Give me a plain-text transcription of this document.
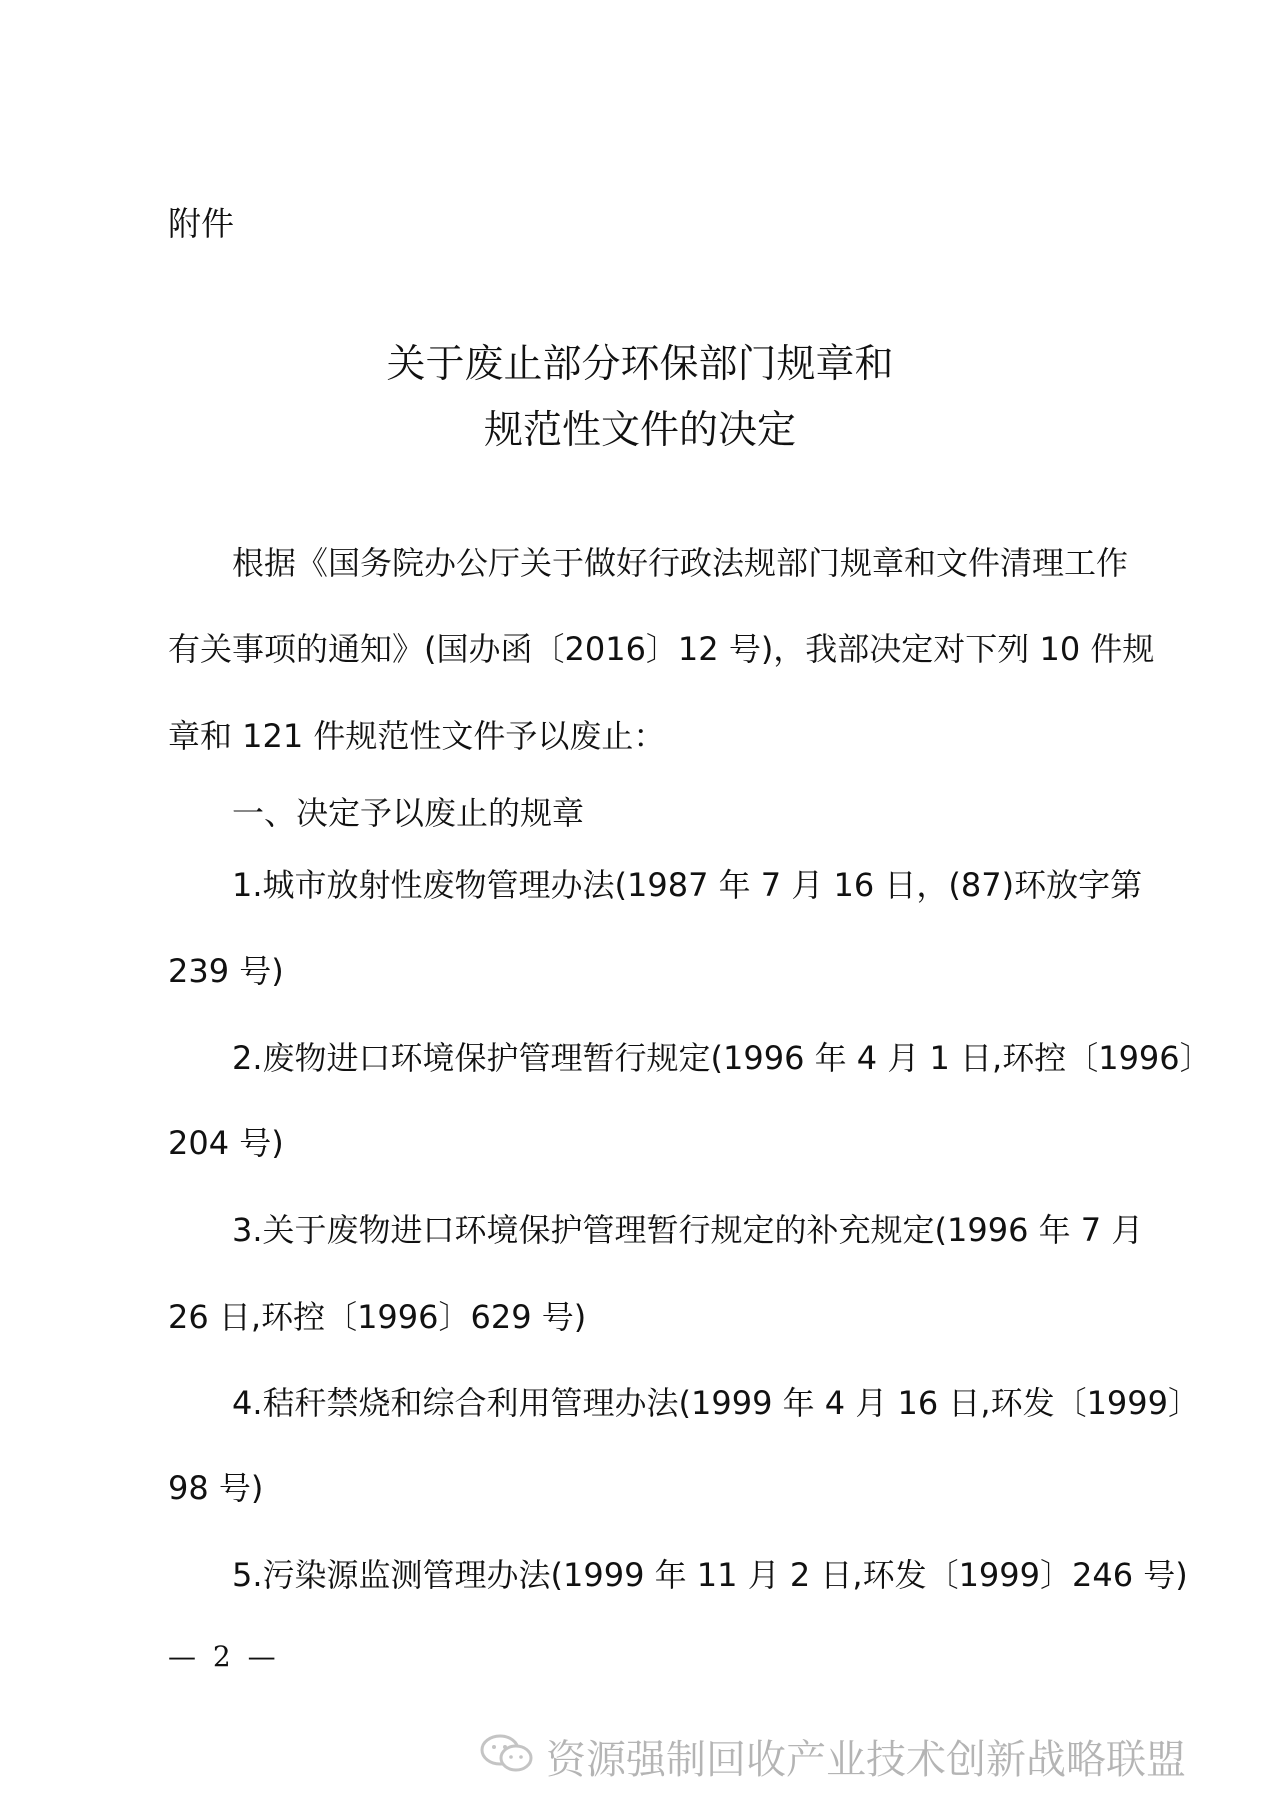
附件
关于废止部分环保部门规章和
规范性文件的决定
根据《国务院办公厅关于做好行政法规部门规章和文件清理工作
有关事项的通知》(国办函〔2016〕12 号)，我部决定对下列 10 件规
章和 121 件规范性文件予以废止：
一、决定予以废止的规章
1.城市放射性废物管理办法(1987 年 7 月 16 日，(87)环放字第
239 号)
2.废物进口环境保护管理暂行规定(1996 年 4 月 1 日,环控〔1996〕
204 号)
3.关于废物进口环境保护管理暂行规定的补充规定(1996 年 7 月
26 日,环控〔1996〕629 号)
4.秸秆禁烧和综合利用管理办法(1999 年 4 月 16 日,环发〔1999〕
98 号)
5.污染源监测管理办法(1999 年 11 月 2 日,环发〔1999〕246 号)
— 2 —
资源强制回收产业技术创新战略联盟
